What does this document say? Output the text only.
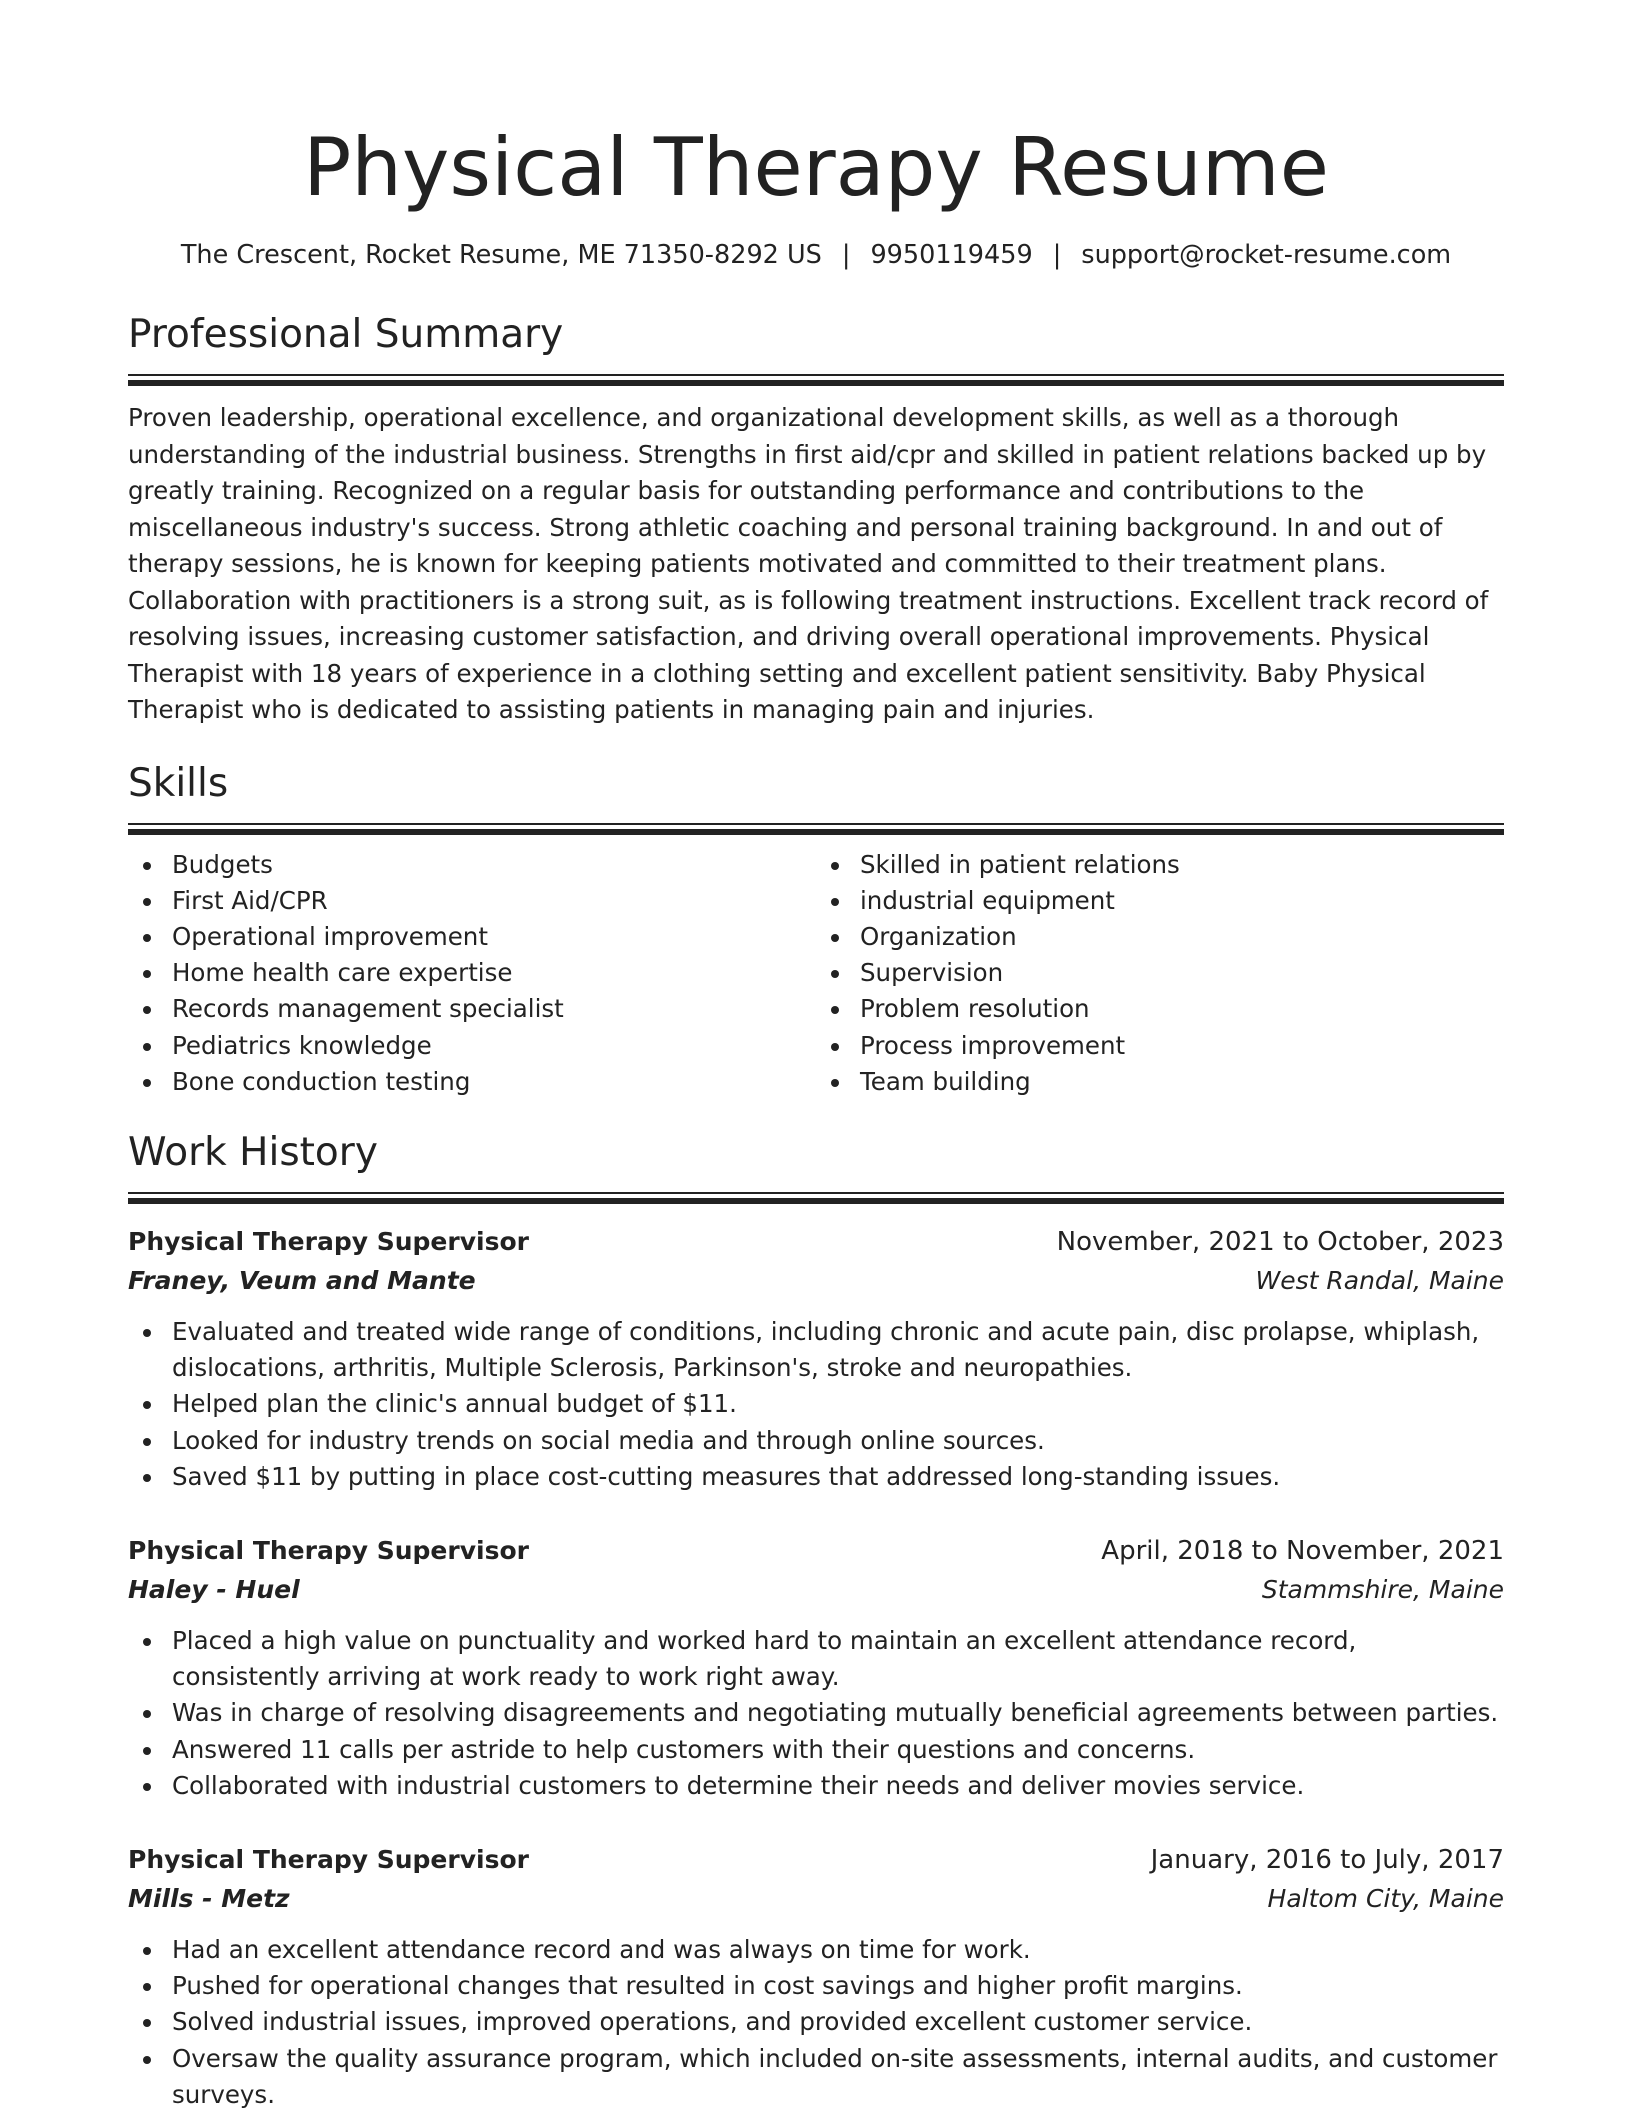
Physical Therapy Resume
The Crescent, Rocket Resume, ME 71350-8292 US | 9950119459 | support@rocket-resume.com
Professional Summary

Proven leadership, operational excellence, and organizational development skills, as well as a thorough understanding of the industrial business. Strengths in first aid/cpr and skilled in patient relations backed up by greatly training. Recognized on a regular basis for outstanding performance and contributions to the miscellaneous industry's success. Strong athletic coaching and personal training background. In and out of therapy sessions, he is known for keeping patients motivated and committed to their treatment plans. Collaboration with practitioners is a strong suit, as is following treatment instructions. Excellent track record of resolving issues, increasing customer satisfaction, and driving overall operational improvements. Physical Therapist with 18 years of experience in a clothing setting and excellent patient sensitivity. Baby Physical Therapist who is dedicated to assisting patients in managing pain and injuries.

Skills
Budgets
First Aid/CPR
Operational improvement
Home health care expertise
Records management specialist
Pediatrics knowledge
Bone conduction testing
Skilled in patient relations
industrial equipment
Organization
Supervision
Problem resolution
Process improvement
Team building
Work History
Physical Therapy Supervisor	November, 2021 to October, 2023
Franey, Veum and Mante	West Randal, Maine
Evaluated and treated wide range of conditions, including chronic and acute pain, disc prolapse, whiplash, dislocations, arthritis, Multiple Sclerosis, Parkinson's, stroke and neuropathies.
Helped plan the clinic's annual budget of $11.
Looked for industry trends on social media and through online sources.
Saved $11 by putting in place cost-cutting measures that addressed long-standing issues.
Physical Therapy Supervisor	April, 2018 to November, 2021
Haley - Huel	Stammshire, Maine
Placed a high value on punctuality and worked hard to maintain an excellent attendance record, consistently arriving at work ready to work right away.
Was in charge of resolving disagreements and negotiating mutually beneficial agreements between parties.
Answered 11 calls per astride to help customers with their questions and concerns.
Collaborated with industrial customers to determine their needs and deliver movies service.
Physical Therapy Supervisor	January, 2016 to July, 2017
Mills - Metz	Haltom City, Maine
Had an excellent attendance record and was always on time for work.
Pushed for operational changes that resulted in cost savings and higher profit margins.
Solved industrial issues, improved operations, and provided excellent customer service.
Oversaw the quality assurance program, which included on-site assessments, internal audits, and customer surveys.
